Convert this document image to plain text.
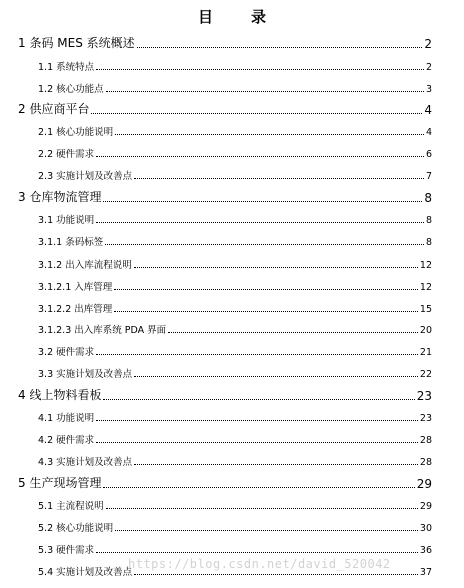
目	录
1 条码 MES 系统概述	2
1.1 系统特点	2
1.2 核心功能点	3
2 供应商平台	4
2.1 核心功能说明	4
2.2 硬件需求	6
2.3 实施计划及改善点	7
3 仓库物流管理	8
3.1 功能说明	8
3.1.1 条码标签	8
3.1.2 出入库流程说明	12
3.1.2.1 入库管理	12
3.1.2.2 出库管理	15
3.1.2.3 出入库系统 PDA 界面	20
3.2 硬件需求	21
3.3 实施计划及改善点	22
4 线上物料看板	23
4.1 功能说明	23
4.2 硬件需求	28
4.3 实施计划及改善点	28
5 生产现场管理	29
5.1 主流程说明	29
5.2 核心功能说明	30
5.3 硬件需求	36
5.4 实施计划及改善点	37
https://blog.csdn.net/david_520042
